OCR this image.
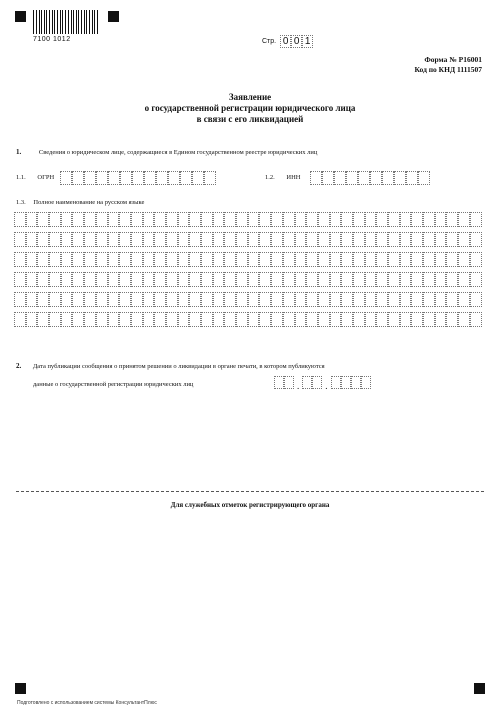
7100 1012	Стр. 0 0 1
Форма № Р16001
Код по КНД 1111507
Заявление
о государственной регистрации юридического лица
в связи с его ликвидацией
1.	Сведения о юридическом лице, содержащиеся в Едином государственном реестре юридических лиц
1.1. ОГРН	1.2. ИНН
1.3. Полное наименование на русском языке
2. Дата публикации сообщения о принятом решении о ликвидации в органе печати, в котором публикуются
данные о государственной регистрации юридических лиц	.	.
Для служебных отметок регистрирующего органа
Подготовлено с использованием системы КонсультантПлюс
